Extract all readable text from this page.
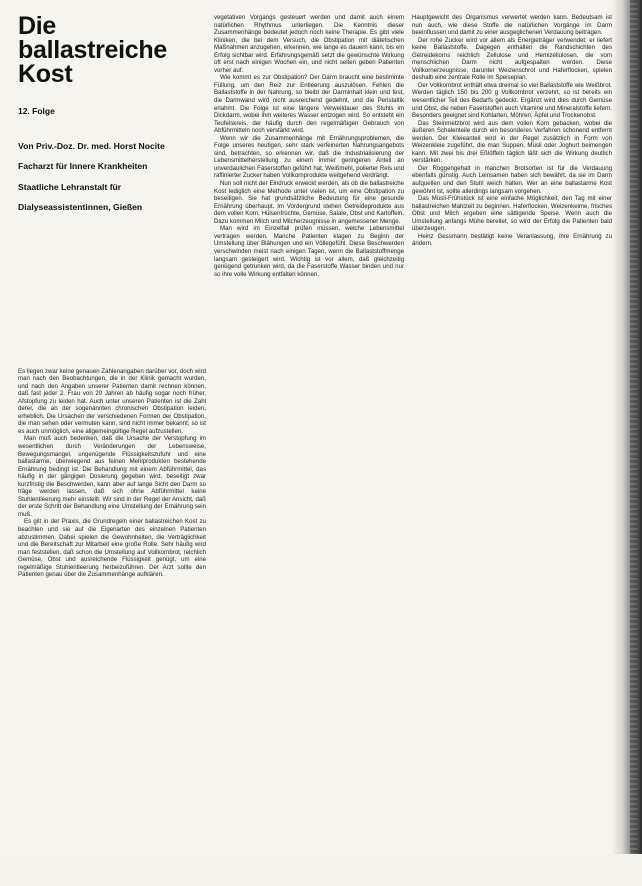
Die ballastreiche
Kost
12. Folge
Von Priv.-Doz. Dr. med. Horst Nocite
Facharzt für Innere Krankheiten
Staatliche Lehranstalt für
Dialyseassistentinnen, Gießen

Es liegen zwar keine genauen Zahlenangaben darüber vor, doch wird man nach den Beobachtungen, die in der Klinik gemacht wurden, und nach den Angaben unserer Patienten damit rechnen können, daß fast jeder 2. Frau von 20 Jahren ab häufig sogar noch früher, Afstopfung zu leiden hat. Auch unter unseren Patienten ist die Zahl derer, die an der sogenannten chronischen Obstipation leiden, erheblich. Die Ursachen der verschiedenen Formen der Obstipation, die man sehen oder vermuten kann, sind nicht immer bekannt; so ist es auch unmöglich, eine allgemeingültige Regel aufzustellen.

Man muß auch bedenken, daß die Ursache der Verstopfung im wesentlichen durch Veränderungen der Lebensweise, Bewegungsmangel, ungenügende Flüssigkeitszufuhr und eine ballastarme, überwiegend aus feinen Mehlprodukten bestehende Ernährung bedingt ist. Die Behandlung mit einem Abführmittel, das häufig in der gängigen Dosierung gegeben wird, beseitigt zwar kurzfristig die Beschwerden, kann aber auf lange Sicht den Darm so träge werden lassen, daß sich ohne Abführmittel keine Stuhlentleerung mehr einstellt. Wir sind in der Regel der Ansicht, daß der erste Schritt der Behandlung eine Umstellung der Ernährung sein muß.

Es gilt in der Praxis, die Grundregeln einer ballastreichen Kost zu beachten und sie auf die Eigenarten des einzelnen Patienten abzustimmen. Dabei spielen die Gewohnheiten, die Verträglichkeit und die Bereitschaft zur Mitarbeit eine große Rolle. Sehr häufig wird man feststellen, daß schon die Umstellung auf Vollkornbrot, reichlich Gemüse, Obst und ausreichende Flüssigkeit genügt, um eine regelmäßige Stuhlentleerung herbeizuführen. Der Arzt sollte den Patienten genau über die Zusammenhänge aufklären.

vegetativen Vorgangs gesteuert werden und damit auch einem natürlichen Rhythmus unterliegen. Die Kenntnis dieser Zusammenhänge bedeutet jedoch noch keine Therapie. Es gibt viele Kliniken, die bei dem Versuch, die Obstipation mit diätetischen Maßnahmen anzugehen, erkennen, wie lange es dauern kann, bis ein Erfolg sichtbar wird. Erfahrungsgemäß setzt die gewünschte Wirkung oft erst nach einigen Wochen ein, und nicht selten geben Patienten vorher auf.

Wie kommt es zur Obstipation? Der Darm braucht eine bestimmte Füllung, um den Reiz zur Entleerung auszulösen. Fehlen die Ballaststoffe in der Nahrung, so bleibt der Darminhalt klein und fest, die Darmwand wird nicht ausreichend gedehnt, und die Peristaltik erlahmt. Die Folge ist eine längere Verweildauer des Stuhls im Dickdarm, wobei ihm weiteres Wasser entzogen wird. So entsteht ein Teufelskreis, der häufig durch den regelmäßigen Gebrauch von Abführmitteln noch verstärkt wird.

Wenn wir die Zusammenhänge mit Ernährungsproblemen, die Folge unseres heutigen, sehr stark verfeinerten Nahrungsangebots sind, betrachten, so erkennen wir, daß die Industrialisierung der Lebensmittelherstellung zu einem immer geringeren Anteil an unverdaulichen Faserstoffen geführt hat. Weißmehl, polierter Reis und raffinierter Zucker haben Vollkornprodukte weitgehend verdrängt.

Nun soll nicht der Eindruck erweckt werden, als ob die ballastreiche Kost lediglich eine Methode unter vielen ist, um eine Obstipation zu beseitigen. Sie hat grundsätzliche Bedeutung für eine gesunde Ernährung überhaupt. Im Vordergrund stehen Getreideprodukte aus dem vollen Korn, Hülsenfrüchte, Gemüse, Salate, Obst und Kartoffeln. Dazu kommen Milch und Milcherzeugnisse in angemessener Menge.

Man wird im Einzelfall prüfen müssen, welche Lebensmittel vertragen werden. Manche Patienten klagen zu Beginn der Umstellung über Blähungen und ein Völlegefühl. Diese Beschwerden verschwinden meist nach einigen Tagen, wenn die Ballaststoffmenge langsam gesteigert wird. Wichtig ist vor allem, daß gleichzeitig genügend getrunken wird, da die Faserstoffe Wasser binden und nur so ihre volle Wirkung entfalten können.

Hauptgewicht des Organismus verwertet werden kann. Bedeutsam ist nun auch, wie diese Stoffe die natürlichen Vorgänge im Darm beeinflussen und damit zu einer ausgeglichenen Verdauung beitragen.

Der rohe Zucker wird vor allem als Energieträger verwendet; er liefert keine Ballaststoffe. Dagegen enthalten die Randschichten des Getreidekorns reichlich Zellulose und Hemizellulosen, die vom menschlichen Darm nicht aufgespalten werden. Diese Vollkornerzeugnisse, darunter Weizenschrot und Haferflocken, spielen deshalb eine zentrale Rolle im Speiseplan.

Der Vollkornbrot enthält etwa dreimal so viel Ballaststoffe wie Weißbrot. Werden täglich 150 bis 200 g Vollkornbrot verzehrt, so ist bereits ein wesentlicher Teil des Bedarfs gedeckt. Ergänzt wird dies durch Gemüse und Obst, die neben Faserstoffen auch Vitamine und Mineralstoffe liefern. Besonders geeignet sind Kohlarten, Möhren, Äpfel und Trockenobst.

Das Steinmetzbrot wird aus dem vollen Korn gebacken, wobei die äußeren Schalenteile durch ein besonderes Verfahren schonend entfernt werden. Der Kleieanteil wird in der Regel zusätzlich in Form von Weizenkleie zugeführt, die man Suppen, Müsli oder Joghurt beimengen kann. Mit zwei bis drei Eßlöffeln täglich läßt sich die Wirkung deutlich verstärken.

Der Roggengehalt in manchen Brotsorten ist für die Verdauung ebenfalls günstig. Auch Leinsamen haben sich bewährt, da sie im Darm aufquellen und den Stuhl weich halten. Wer an eine ballastarme Kost gewöhnt ist, sollte allerdings langsam vorgehen.

Das Müsli-Frühstück ist eine einfache Möglichkeit, den Tag mit einer ballastreichen Mahlzeit zu beginnen. Haferflocken, Weizenkeime, frisches Obst und Milch ergeben eine sättigende Speise. Wenn auch die Umstellung anfangs Mühe bereitet, so wird der Erfolg die Patienten bald überzeugen.

Heinz Gessmann bestätigt keine Veranlassung, ihre Ernährung zu ändern.
